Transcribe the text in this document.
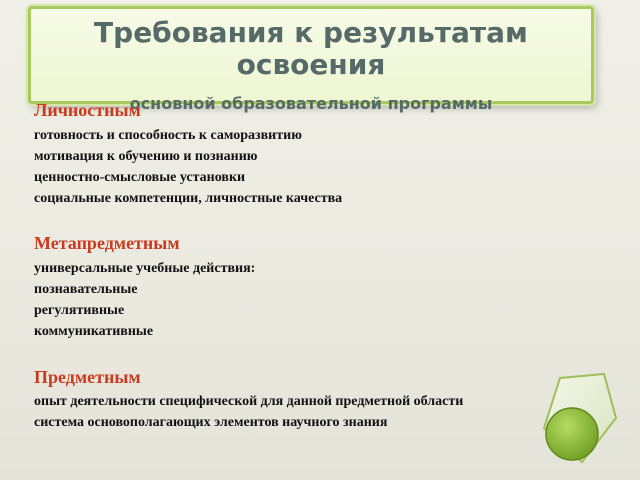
Требования к результатам
освоения
основной образовательной программы
Личностным
готовность и способность к саморазвитию
мотивация к обучению и познанию
ценностно-смысловые установки
социальные компетенции, личностные качества
Метапредметным
универсальные учебные действия:
познавательные
регулятивные
коммуникативные
Предметным
опыт деятельности специфической для данной предметной области
система основополагающих элементов научного знания
